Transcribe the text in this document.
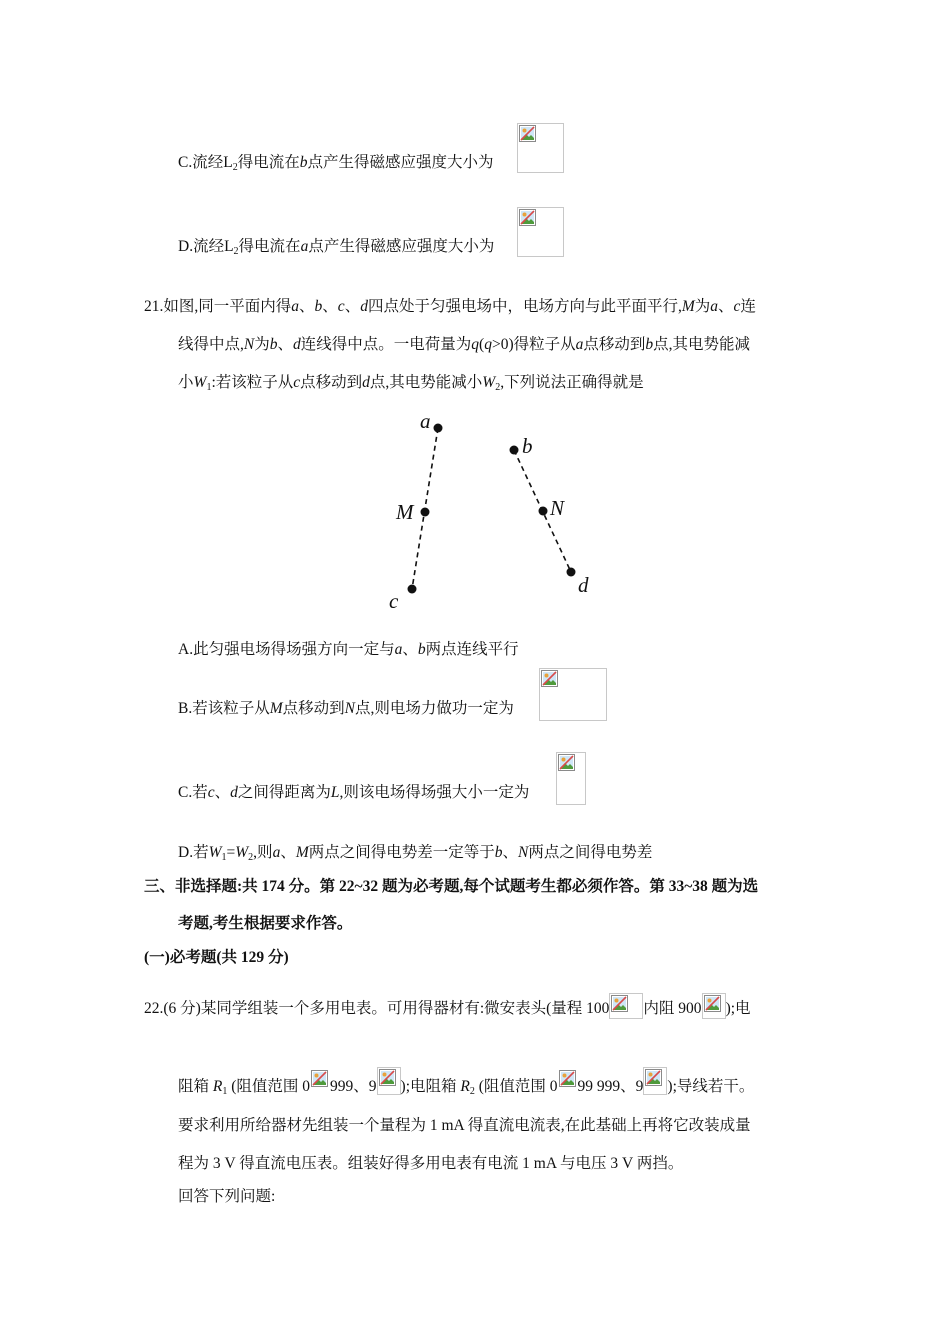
C.流经$L_2$得电流在b点产生得磁感应强度大小为
D.流经$L_2$得电流在a点产生得磁感应强度大小为
21.如图,同一平面内得a、b、c、d四点处于匀强电场中，电场方向与此平面平行,M为a、c连
线得中点,N为b、d连线得中点。一电荷量为q(q>0)得粒子从a点移动到b点,其电势能减
小$W_1$:若该粒子从c点移动到d点,其电势能减小$W_2$,下列说法正确得就是
a
M
c
b
N
d
A.此匀强电场得场强方向一定与a、b两点连线平行
B.若该粒子从M点移动到N点,则电场力做功一定为
C.若c、d之间得距离为L,则该电场得场强大小一定为
D.若$W_1=W_2$,则a、M两点之间得电势差一定等于b、N两点之间得电势差
三、非选择题:共 174 分。第 22~32 题为必考题,每个试题考生都必须作答。第 33~38 题为选
考题,考生根据要求作答。
(一)必考题(共 129 分)
22.(6 分)某同学组装一个多用电表。可用得器材有:微安表头(量程 100 内阻 900 );电
阻箱 $R_1$ (阻值范围 0 999、9 );电阻箱 $R_2$ (阻值范围 0 99 999、9 );导线若干。
要求利用所给器材先组装一个量程为 1 mA 得直流电流表,在此基础上再将它改装成量
程为 3 V 得直流电压表。组装好得多用电表有电流 1 mA 与电压 3 V 两挡。
回答下列问题:
